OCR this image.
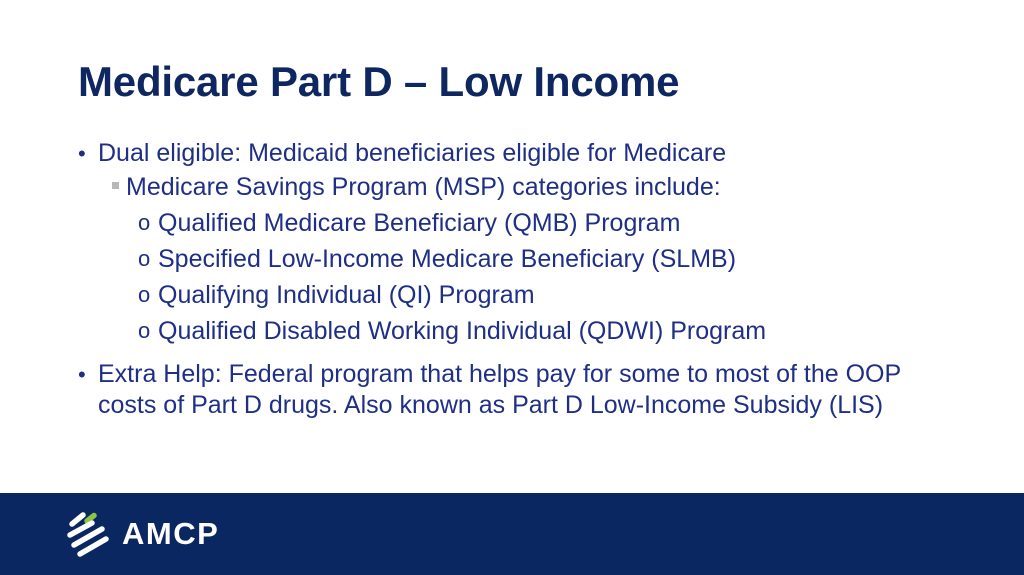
Medicare Part D – Low Income
• Dual eligible: Medicaid beneficiaries eligible for Medicare
Medicare Savings Program (MSP) categories include:
o Qualified Medicare Beneficiary (QMB) Program
o Specified Low-Income Medicare Beneficiary (SLMB)
o Qualifying Individual (QI) Program
o Qualified Disabled Working Individual (QDWI) Program
• Extra Help: Federal program that helps pay for some to most of the OOP costs of Part D drugs. Also known as Part D Low-Income Subsidy (LIS)
AMCP
